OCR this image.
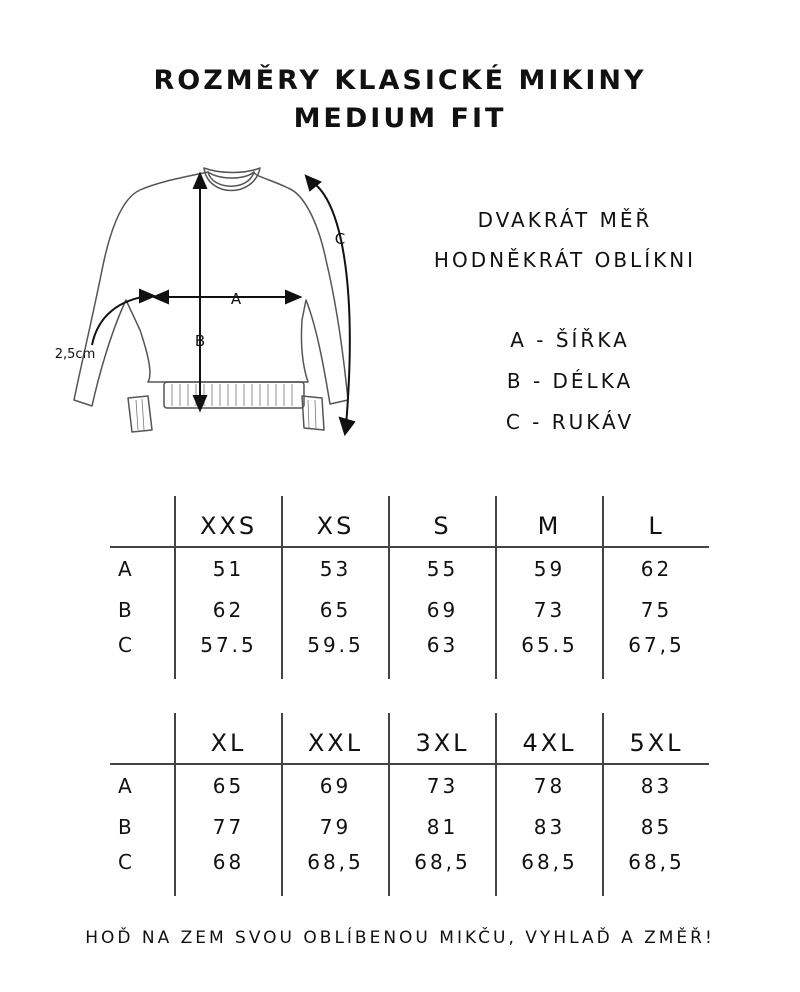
ROZMĚRY KLASICKÉ MIKINY
MEDIUM FIT
A
B
C
2,5cm
DVAKRÁT MĚŘ
HODNĚKRÁT OBLÍKNI
A - ŠÍŘKA
B - DÉLKA
C - RUKÁV
	XXS	XS	S	M	L
A	51	53	55	59	62
B	62	65	69	73	75
C	57.5	59.5	63	65.5	67,5
	XL	XXL	3XL	4XL	5XL
A	65	69	73	78	83
B	77	79	81	83	85
C	68	68,5	68,5	68,5	68,5
HOĎ NA ZEM SVOU OBLÍBENOU MIKČU, VYHLAĎ A ZMĚŘ!
